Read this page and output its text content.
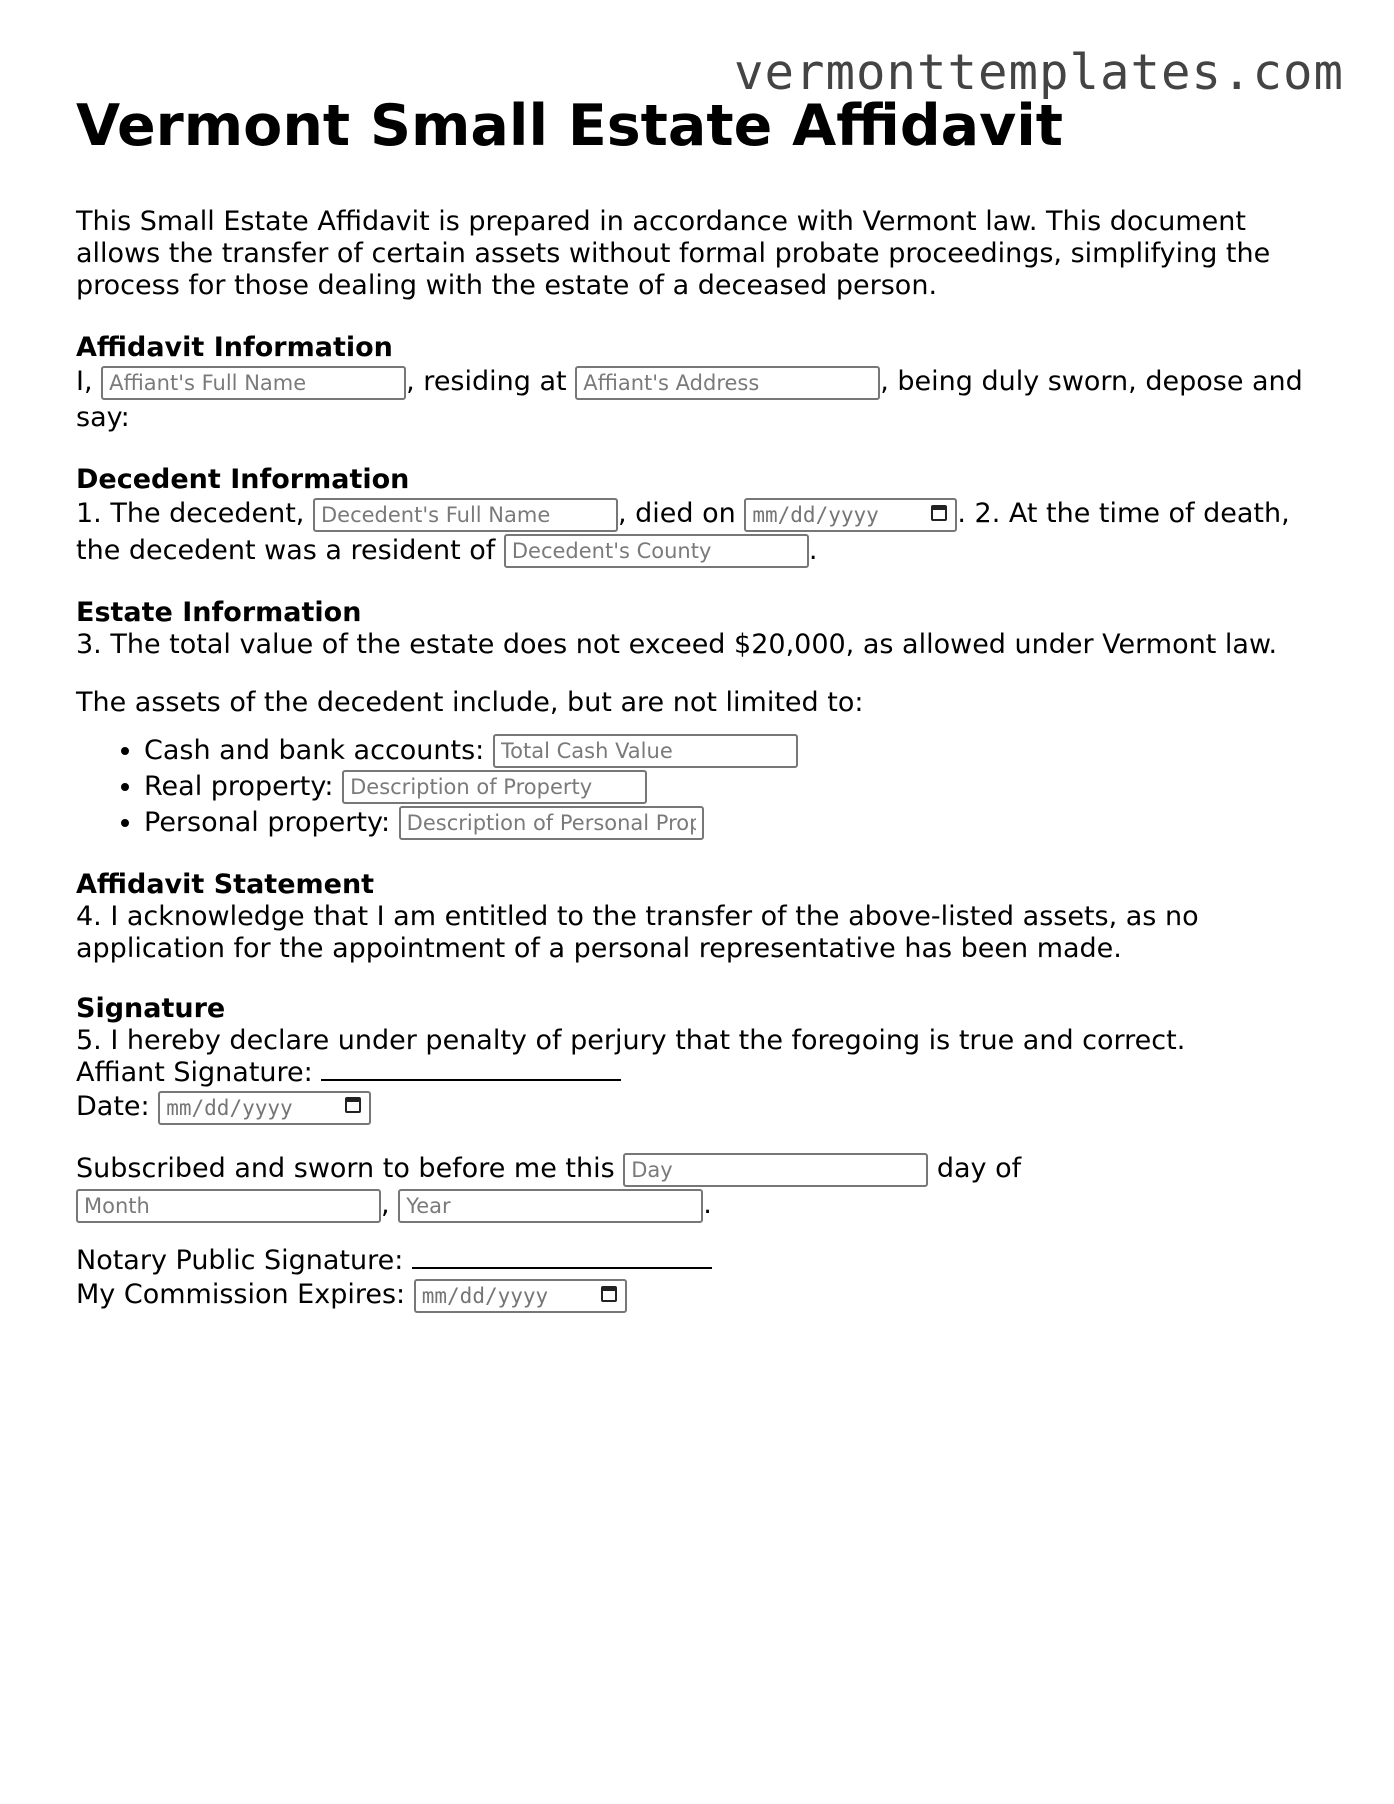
vermonttemplates.com
Vermont Small Estate Affidavit

This Small Estate Affidavit is prepared in accordance with Vermont law. This document allows the transfer of certain assets without formal probate proceedings, simplifying the process for those dealing with the estate of a deceased person.

Affidavit Information
I, Affiant's Full Name	, residing at Affiant's Address	, being duly sworn, depose and say:
Decedent Information
1. The decedent, Decedent's Full Name	, died on mm/dd/yyyy	. 2. At the time of death, the decedent was a resident of Decedent's County	.
Estate Information

3. The total value of the estate does not exceed $20,000, as allowed under Vermont law.

The assets of the decedent include, but are not limited to:

• Cash and bank accounts: Total Cash Value
• Real property: Description of Property
• Personal property: Description of Personal Property
Affidavit Statement

4. I acknowledge that I am entitled to the transfer of the above-listed assets, as no application for the appointment of a personal representative has been made.

Signature

5. I hereby declare under penalty of perjury that the foregoing is true and correct.

Affiant Signature:
Date: mm/dd/yyyy
Subscribed and sworn to before me this Day	day of
Month, Year	.
Notary Public Signature:
My Commission Expires: mm/dd/yyyy
